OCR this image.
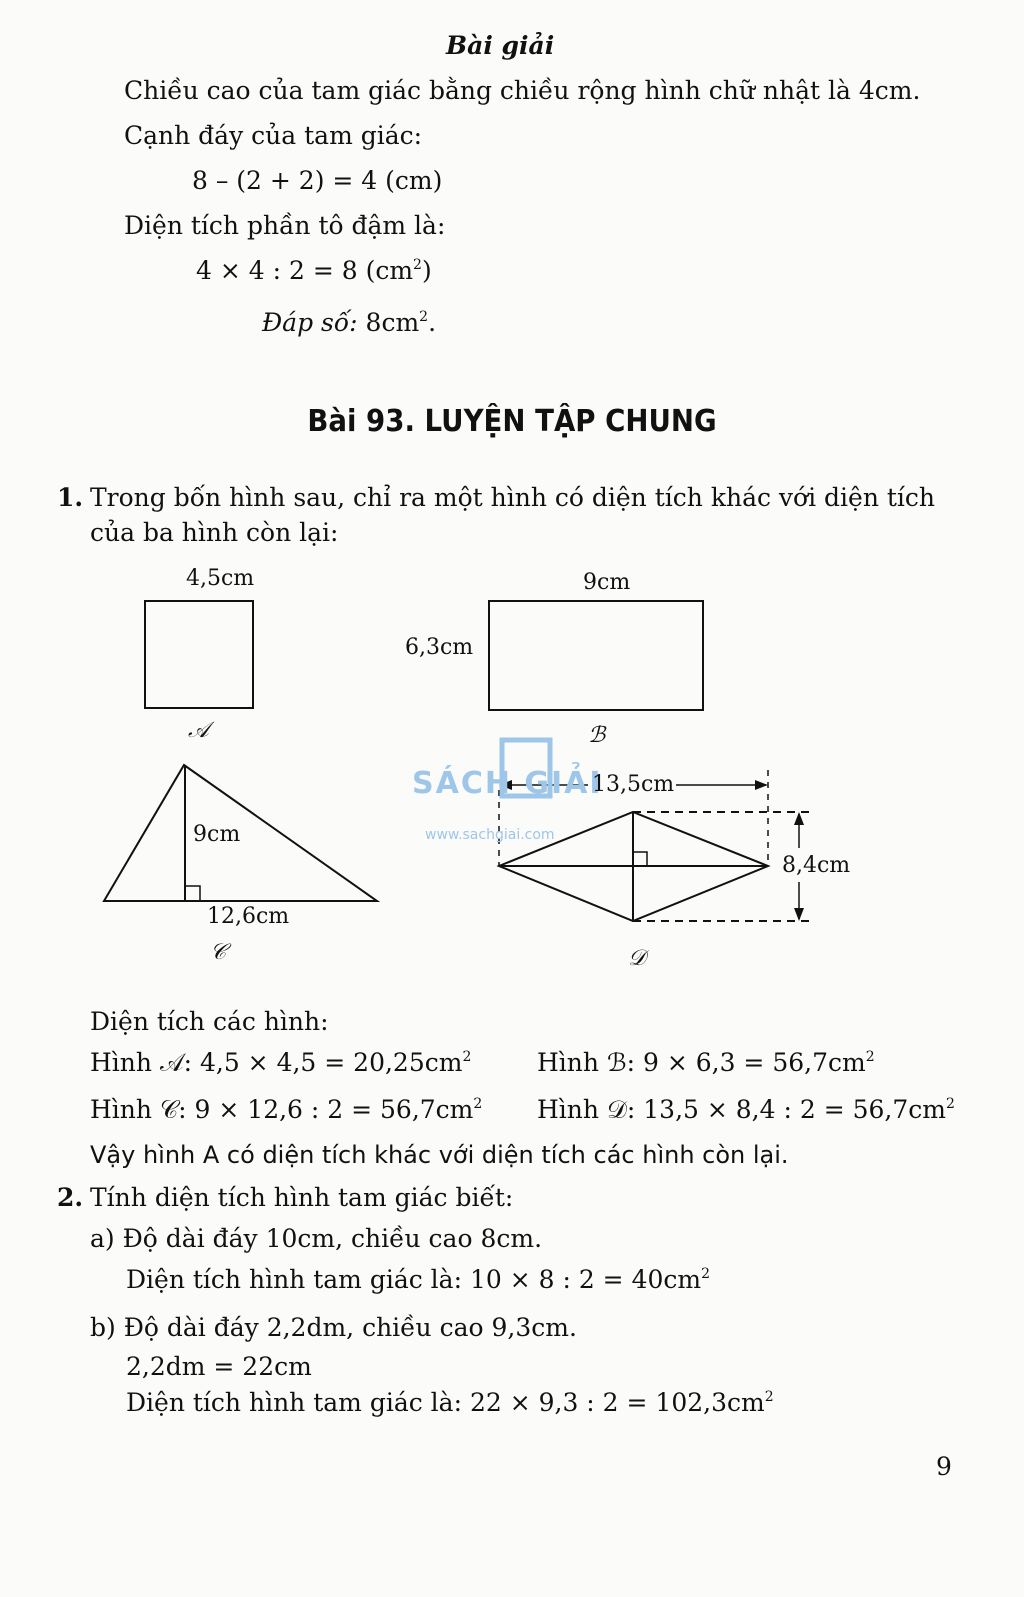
Bài giải
Chiều cao của tam giác bằng chiều rộng hình chữ nhật là 4cm.
Cạnh đáy của tam giác:
8 – (2 + 2) = 4 (cm)
Diện tích phần tô đậm là:
4 × 4 : 2 = 8 $(cm^2)$
Đáp số: $8cm^2$.
Bài 93. LUYỆN TẬP CHUNG
1. Trong bốn hình sau, chỉ ra một hình có diện tích khác với diện tích
của ba hình còn lại:
SÁCH GIẢI
www.sachgiai.com
4,5cm
𝒜
9cm
6,3cm
ℬ
9cm
12,6cm
𝒞
13,5cm
8,4cm
𝒟
Diện tích các hình:
Hình 𝒜: $4,5 \times 4,5 = 20,25cm^2$	Hình ℬ: $9 \times 6,3 = 56,7cm^2$
Hình 𝒞: 9 × 12,6 : $2 = 56,7cm^2$ Hình 𝒟: 13,5 × 8,4 : $2 = 56,7cm^2$
Vậy hình A có diện tích khác với diện tích các hình còn lại.
2. Tính diện tích hình tam giác biết:
a) Độ dài đáy 10cm, chiều cao 8cm.
Diện tích hình tam giác là: 10 × 8 : $2 = 40cm^2$
b) Độ dài đáy 2,2dm, chiều cao 9,3cm.
2,2dm = 22cm
Diện tích hình tam giác là: 22 × 9,3 : $2 = 102,3cm^2$
9
